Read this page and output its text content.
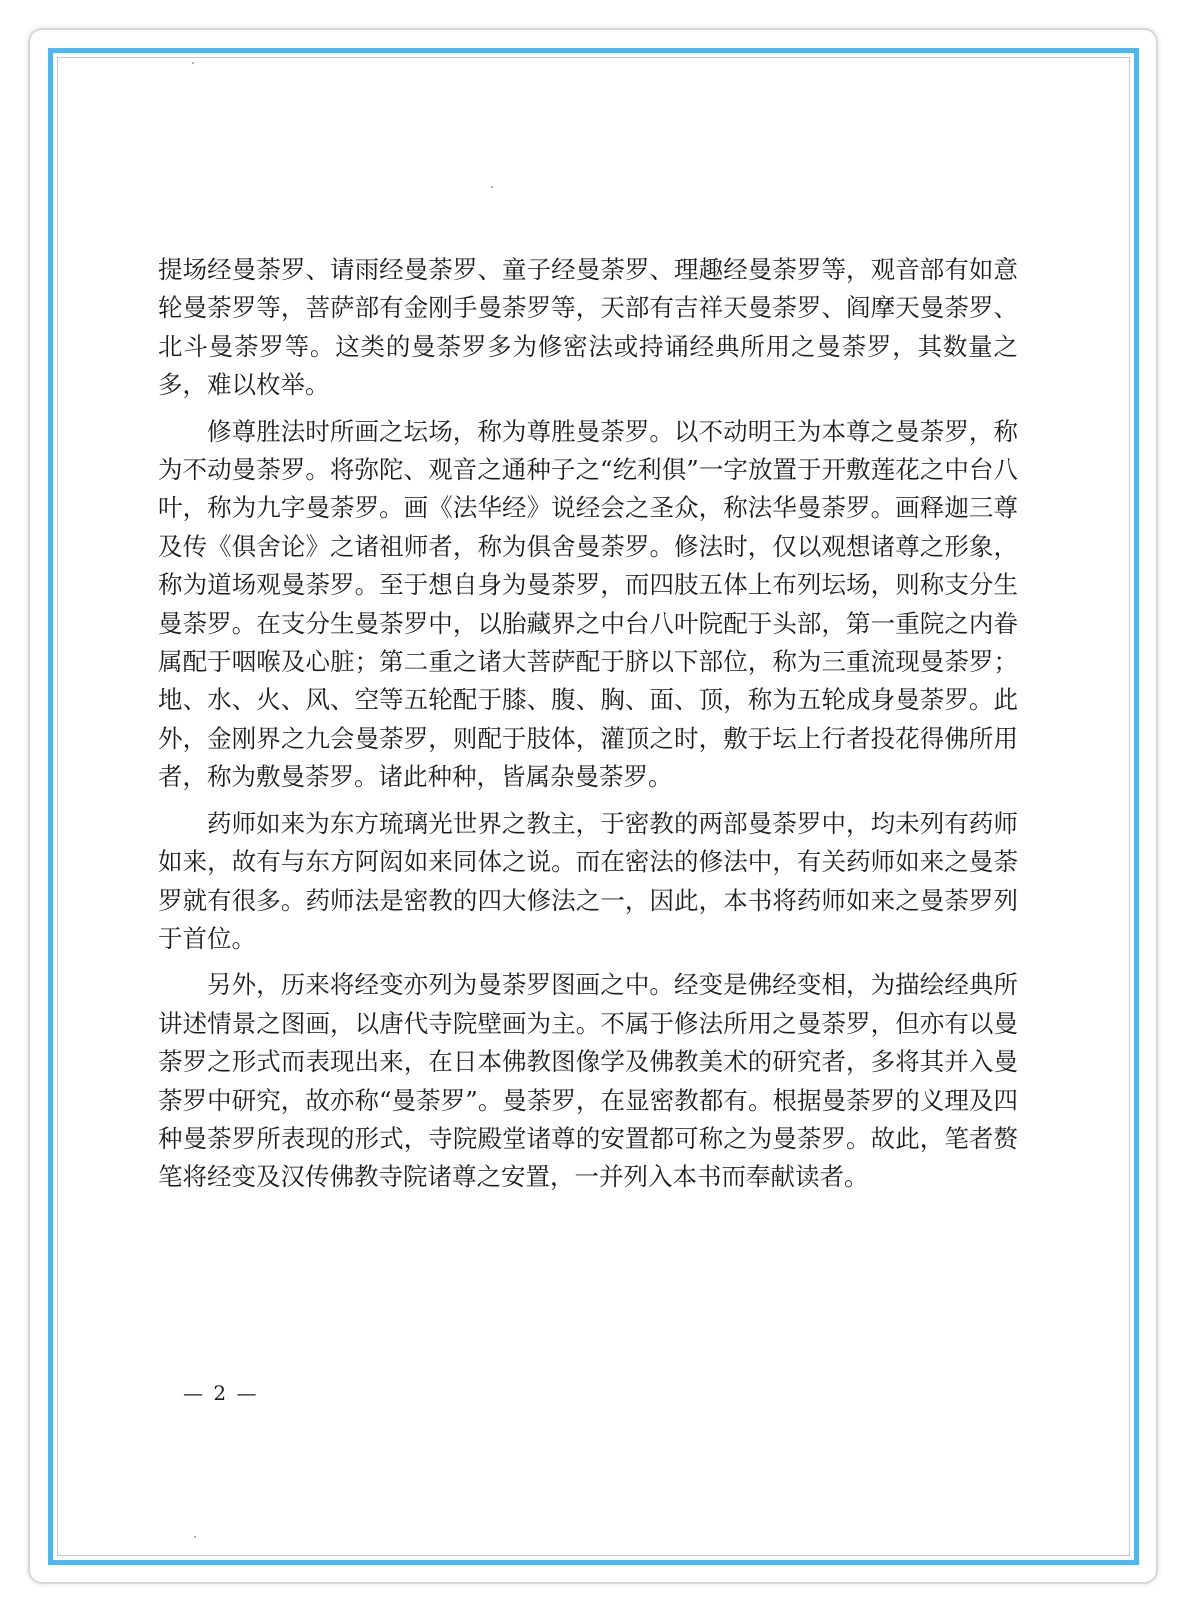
提场经曼荼罗、请雨经曼荼罗、童子经曼荼罗、理趣经曼荼罗等，观音部有如意轮曼荼罗等，菩萨部有金刚手曼荼罗等，天部有吉祥天曼荼罗、阎摩天曼荼罗、北斗曼荼罗等。这类的曼荼罗多为修密法或持诵经典所用之曼荼罗，其数量之多，难以枚举。

修尊胜法时所画之坛场，称为尊胜曼荼罗。以不动明王为本尊之曼荼罗，称为不动曼荼罗。将弥陀、观音之通种子之“纥利俱”一字放置于开敷莲花之中台八叶，称为九字曼荼罗。画《法华经》说经会之圣众，称法华曼荼罗。画释迦三尊及传《俱舍论》之诸祖师者，称为俱舍曼荼罗。修法时，仅以观想诸尊之形象，称为道场观曼荼罗。至于想自身为曼荼罗，而四肢五体上布列坛场，则称支分生曼荼罗。在支分生曼荼罗中，以胎藏界之中台八叶院配于头部，第一重院之内眷属配于咽喉及心脏；第二重之诸大菩萨配于脐以下部位，称为三重流现曼荼罗；地、水、火、风、空等五轮配于膝、腹、胸、面、顶，称为五轮成身曼荼罗。此外，金刚界之九会曼荼罗，则配于肢体，灌顶之时，敷于坛上行者投花得佛所用者，称为敷曼荼罗。诸此种种，皆属杂曼荼罗。

药师如来为东方琉璃光世界之教主，于密教的两部曼荼罗中，均未列有药师如来，故有与东方阿闳如来同体之说。而在密法的修法中，有关药师如来之曼荼罗就有很多。药师法是密教的四大修法之一，因此，本书将药师如来之曼荼罗列于首位。

另外，历来将经变亦列为曼荼罗图画之中。经变是佛经变相，为描绘经典所讲述情景之图画，以唐代寺院壁画为主。不属于修法所用之曼荼罗，但亦有以曼荼罗之形式而表现出来，在日本佛教图像学及佛教美术的研究者，多将其并入曼荼罗中研究，故亦称“曼荼罗”。曼荼罗，在显密教都有。根据曼荼罗的义理及四种曼荼罗所表现的形式，寺院殿堂诸尊的安置都可称之为曼荼罗。故此，笔者赘笔将经变及汉传佛教寺院诸尊之安置，一并列入本书而奉献读者。

— 2 —
